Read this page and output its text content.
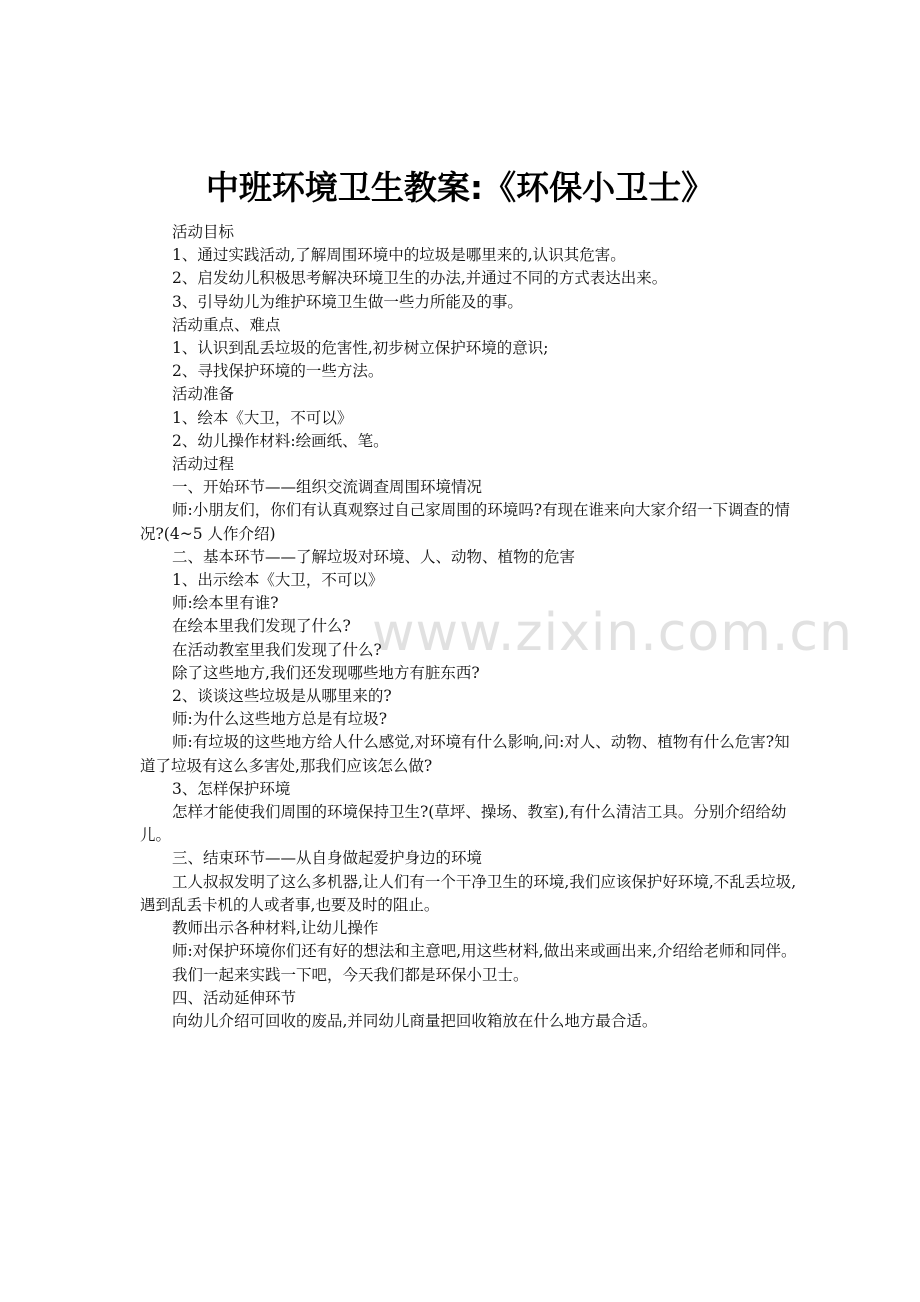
中班环境卫生教案:《环保小卫士》

活动目标

1、通过实践活动,了解周围环境中的垃圾是哪里来的,认识其危害。

2、启发幼儿积极思考解决环境卫生的办法,并通过不同的方式表达出来。

3、引导幼儿为维护环境卫生做一些力所能及的事。

活动重点、难点

1、认识到乱丢垃圾的危害性,初步树立保护环境的意识;

2、寻找保护环境的一些方法。

活动准备

1、绘本《大卫，不可以》

2、幼儿操作材料:绘画纸、笔。

活动过程

一、开始环节——组织交流调查周围环境情况

师:小朋友们，你们有认真观察过自己家周围的环境吗?有现在谁来向大家介绍一下调查的情况?(4~5 人作介绍)

二、基本环节——了解垃圾对环境、人、动物、植物的危害

1、出示绘本《大卫，不可以》

师:绘本里有谁?

在绘本里我们发现了什么?

在活动教室里我们发现了什么?

除了这些地方,我们还发现哪些地方有脏东西?

2、谈谈这些垃圾是从哪里来的?

师:为什么这些地方总是有垃圾?

师:有垃圾的这些地方给人什么感觉,对环境有什么影响,问:对人、动物、植物有什么危害?知道了垃圾有这么多害处,那我们应该怎么做?

3、怎样保护环境

怎样才能使我们周围的环境保持卫生?(草坪、操场、教室),有什么清洁工具。分别介绍给幼儿。

三、结束环节——从自身做起爱护身边的环境

工人叔叔发明了这么多机器,让人们有一个干净卫生的环境,我们应该保护好环境,不乱丢垃圾,遇到乱丢卡机的人或者事,也要及时的阻止。

教师出示各种材料,让幼儿操作

师:对保护环境你们还有好的想法和主意吧,用这些材料,做出来或画出来,介绍给老师和同伴。

我们一起来实践一下吧，今天我们都是环保小卫士。

四、活动延伸环节

向幼儿介绍可回收的废品,并同幼儿商量把回收箱放在什么地方最合适。

www.zixin.com.cn
